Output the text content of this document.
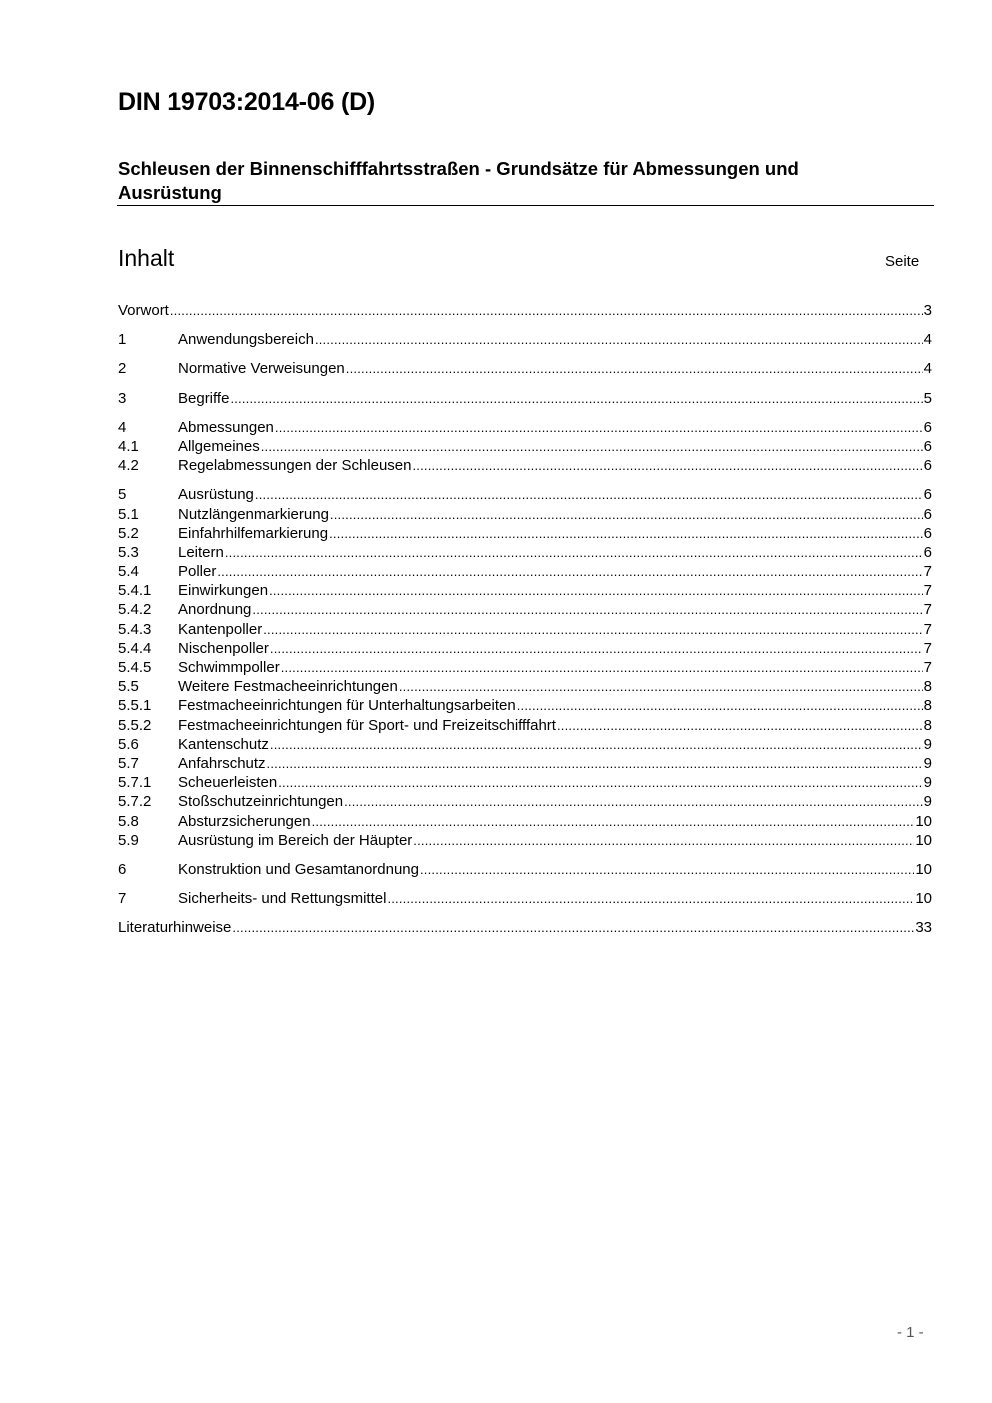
DIN 19703:2014-06 (D)
Schleusen der Binnenschifffahrtsstraßen - Grundsätze für Abmessungen und Ausrüstung
Inhalt	Seite
Vorwort .....	3
1	Anwendungsbereich .....	4
2	Normative Verweisungen .....	4
3	Begriffe .....	5
4	Abmessungen .....	6
4.1	Allgemeines .....	6
4.2	Regelabmessungen der Schleusen .....	6
5	Ausrüstung .....	6
5.1	Nutzlängenmarkierung .....	6
5.2	Einfahrhilfemarkierung .....	6
5.3	Leitern .....	6
5.4	Poller .....	7
5.4.1	Einwirkungen .....	7
5.4.2	Anordnung .....	7
5.4.3	Kantenpoller .....	7
5.4.4	Nischenpoller .....	7
5.4.5	Schwimmpoller .....	7
5.5	Weitere Festmacheeinrichtungen .....	8
5.5.1	Festmacheeinrichtungen für Unterhaltungsarbeiten .....	8
5.5.2	Festmacheeinrichtungen für Sport- und Freizeitschifffahrt .....	8
5.6	Kantenschutz .....	9
5.7	Anfahrschutz .....	9
5.7.1	Scheuerleisten .....	9
5.7.2	Stoßschutzeinrichtungen .....	9
5.8	Absturzsicherungen .....	10
5.9	Ausrüstung im Bereich der Häupter .....	10
6	Konstruktion und Gesamtanordnung .....	10
7	Sicherheits- und Rettungsmittel .....	10
Literaturhinweise .....	33
- 1 -
